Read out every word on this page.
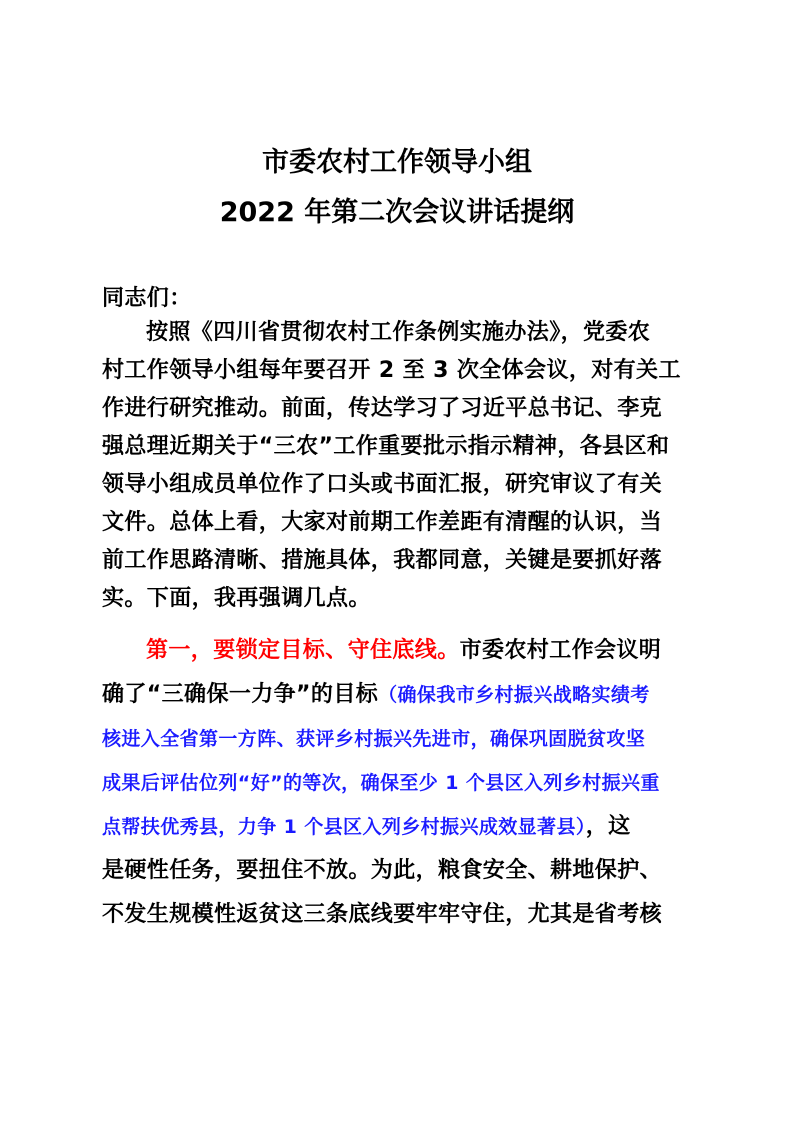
市委农村工作领导小组
2022 年第二次会议讲话提纲
同志们：
按照《四川省贯彻农村工作条例实施办法》，党委农
村工作领导小组每年要召开 2 至 3 次全体会议，对有关工
作进行研究推动。前面，传达学习了习近平总书记、李克
强总理近期关于“三农”工作重要批示指示精神，各县区和
领导小组成员单位作了口头或书面汇报，研究审议了有关
文件。总体上看，大家对前期工作差距有清醒的认识，当
前工作思路清晰、措施具体，我都同意，关键是要抓好落
实。下面，我再强调几点。
第一，要锁定目标、守住底线。市委农村工作会议明
确了“三确保一力争”的目标（确保我市乡村振兴战略实绩考
核进入全省第一方阵、获评乡村振兴先进市，确保巩固脱贫攻坚
成果后评估位列“好”的等次，确保至少 1 个县区入列乡村振兴重
点帮扶优秀县，力争 1 个县区入列乡村振兴成效显著县），这
是硬性任务，要扭住不放。为此，粮食安全、耕地保护、
不发生规模性返贫这三条底线要牢牢守住，尤其是省考核
